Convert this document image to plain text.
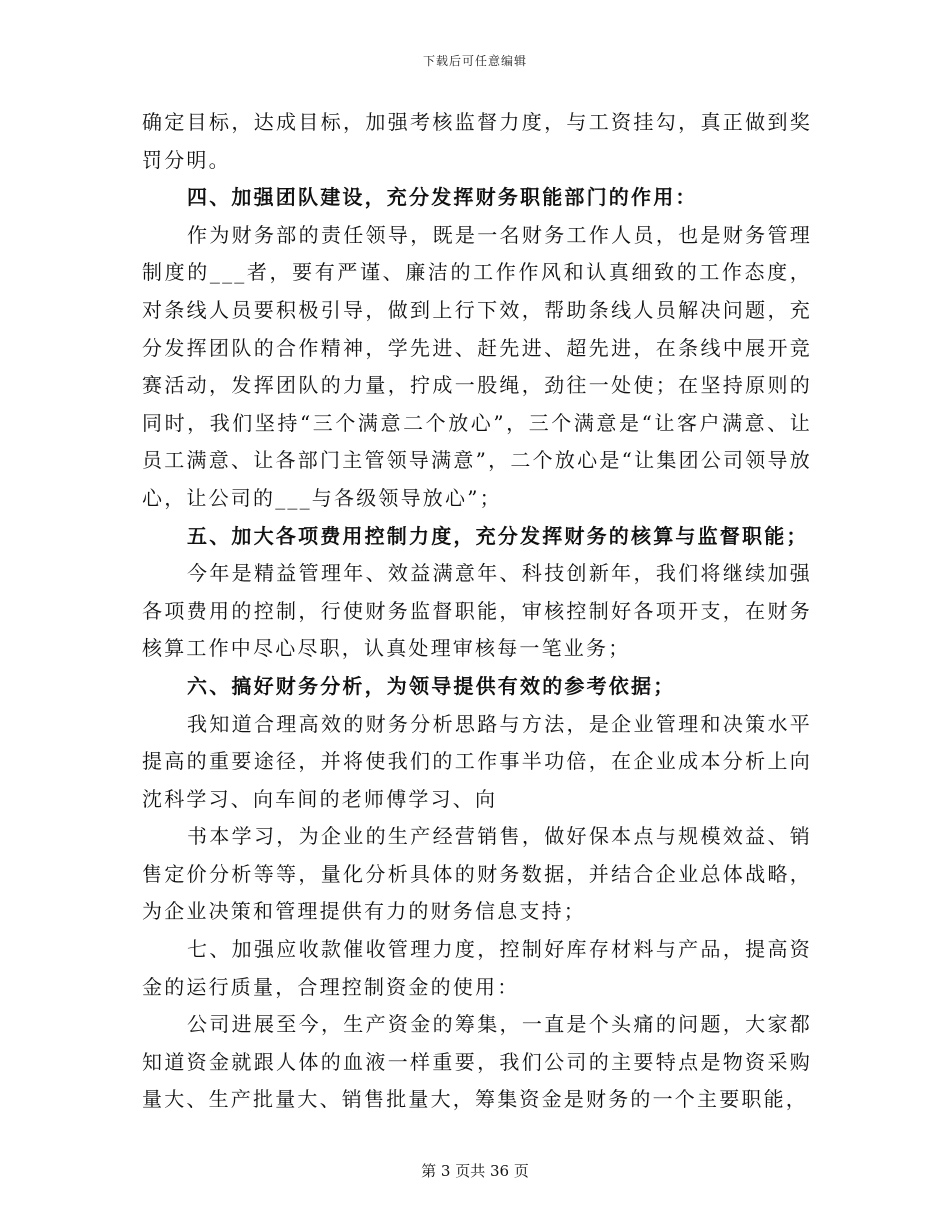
下载后可任意编辑

确定目标，达成目标，加强考核监督力度，与工资挂勾，真正做到奖罚分明。

四、加强团队建设，充分发挥财务职能部门的作用：

作为财务部的责任领导，既是一名财务工作人员，也是财务管理制度的___者，要有严谨、廉洁的工作作风和认真细致的工作态度，对条线人员要积极引导，做到上行下效，帮助条线人员解决问题，充分发挥团队的合作精神，学先进、赶先进、超先进，在条线中展开竞赛活动，发挥团队的力量，拧成一股绳，劲往一处使；在坚持原则的同时，我们坚持“三个满意二个放心”，三个满意是“让客户满意、让员工满意、让各部门主管领导满意”，二个放心是“让集团公司领导放心，让公司的___与各级领导放心”；

五、加大各项费用控制力度，充分发挥财务的核算与监督职能；

今年是精益管理年、效益满意年、科技创新年，我们将继续加强各项费用的控制，行使财务监督职能，审核控制好各项开支，在财务核算工作中尽心尽职，认真处理审核每一笔业务；

六、搞好财务分析，为领导提供有效的参考依据；

我知道合理高效的财务分析思路与方法，是企业管理和决策水平提高的重要途径，并将使我们的工作事半功倍，在企业成本分析上向沈科学习、向车间的老师傅学习、向

书本学习，为企业的生产经营销售，做好保本点与规模效益、销售定价分析等等，量化分析具体的财务数据，并结合企业总体战略，为企业决策和管理提供有力的财务信息支持；

七、加强应收款催收管理力度，控制好库存材料与产品，提高资金的运行质量，合理控制资金的使用：

公司进展至今，生产资金的筹集，一直是个头痛的问题，大家都知道资金就跟人体的血液一样重要，我们公司的主要特点是物资采购量大、生产批量大、销售批量大，筹集资金是财务的一个主要职能，

第 3 页共 36 页
